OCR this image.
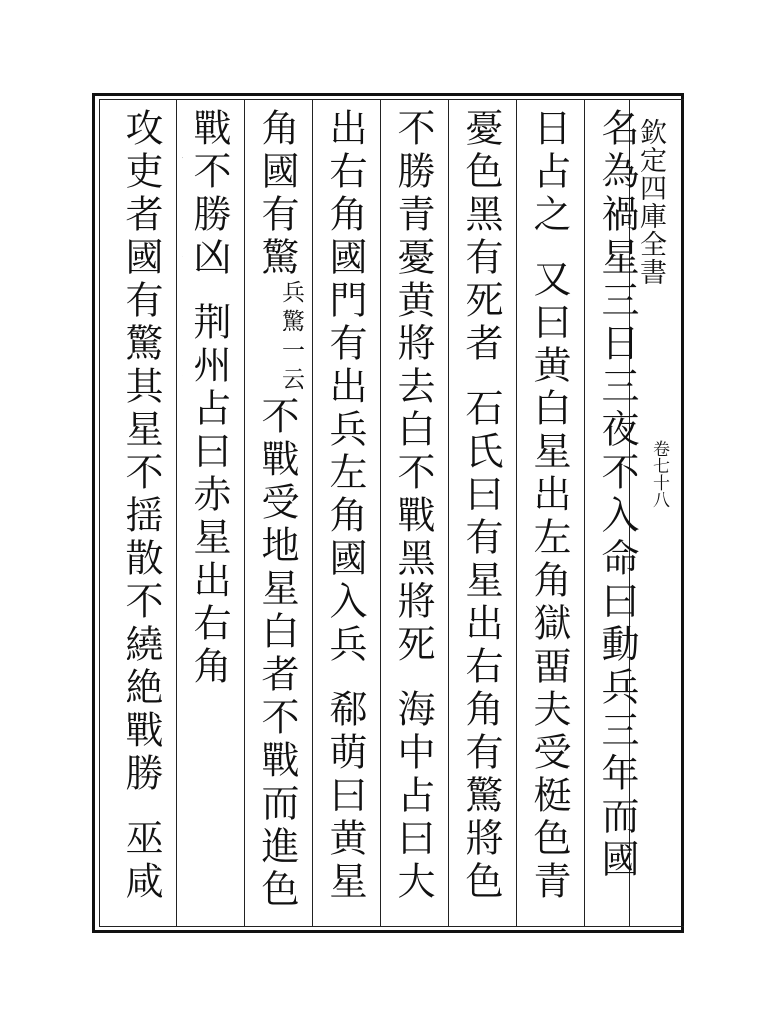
欽定四庫全書
卷七十八
名為禍星三日三夜不入命曰動兵三年而國
日占之又曰黄白星出左角獄畱夫受梃色青
憂色黑有死者石氏曰有星出右角有驚將色
不勝青憂黄將去白不戰黑將死海中占曰大
出右角國門有出兵左角國入兵郗萌曰黄星
角國有驚
一云
兵驚
不戰受地星白者不戰而進色
戰不勝凶荆州占曰赤星出右角
攻吏者國有驚其星不揺散不繞絶戰勝巫咸
